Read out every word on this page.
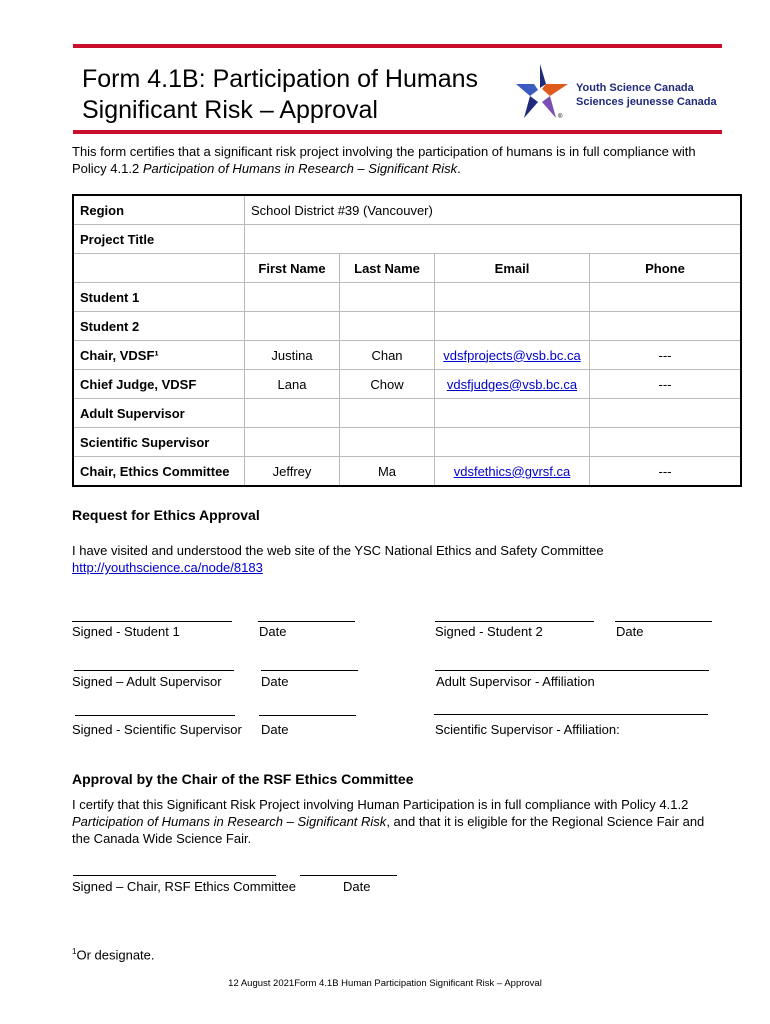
Form 4.1B: Participation of Humans
Significant Risk – Approval
Youth Science Canada
Sciences jeunesse Canada
®
This form certifies that a significant risk project involving the participation of humans is in full compliance with Policy 4.1.2 Participation of Humans in Research – Significant Risk.
Region	School District #39 (Vancouver)			
Project Title				
	First Name	Last Name	Email	Phone
Student 1				
Student 2				
Chair, VDSF¹	Justina	Chan	vdsfprojects@vsb.bc.ca	---
Chief Judge, VDSF	Lana	Chow	vdsfjudges@vsb.bc.ca	---
Adult Supervisor				
Scientific Supervisor				
Chair, Ethics Committee	Jeffrey	Ma	vdsfethics@gvrsf.ca	---
Request for Ethics Approval
I have visited and understood the web site of the YSC National Ethics and Safety Committee
http://youthscience.ca/node/8183
Signed - Student 1	Date	Signed - Student 2	Date
Signed – Adult Supervisor	Date	Adult Supervisor - Affiliation
Signed - Scientific Supervisor Date	Scientific Supervisor - Affiliation:
Approval by the Chair of the RSF Ethics Committee
I certify that this Significant Risk Project involving Human Participation is in full compliance with Policy 4.1.2 Participation of Humans in Research – Significant Risk, and that it is eligible for the Regional Science Fair and the Canada Wide Science Fair.
Signed – Chair, RSF Ethics Committee	Date
$^1$Or designate.
12 August 2021Form 4.1B Human Participation Significant Risk – Approval
